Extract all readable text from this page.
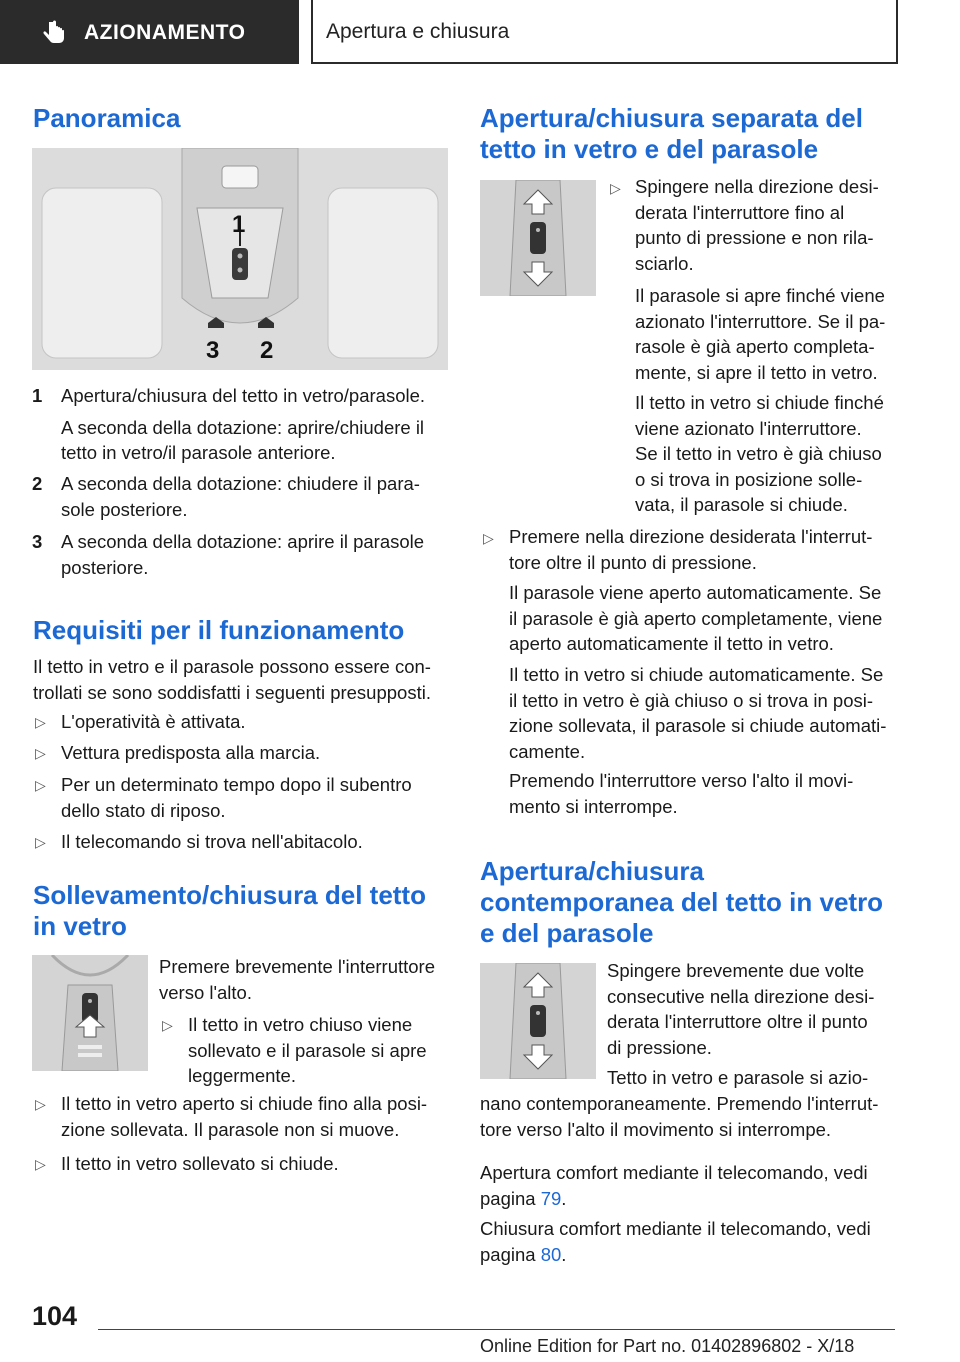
AZIONAMENTO	Apertura e chiusura
Panoramica
1
2
3
1 Apertura/chiusura del tetto in vetro/parasole.
A seconda della dotazione: aprire/chiudere il
tetto in vetro/il parasole anteriore.
2 A seconda della dotazione: chiudere il para-
sole posteriore.
3 A seconda della dotazione: aprire il parasole
posteriore.
Requisiti per il funzionamento
Il tetto in vetro e il parasole possono essere con-
trollati se sono soddisfatti i seguenti presupposti.
▷ L'operatività è attivata.
▷ Vettura predisposta alla marcia.
▷ Per un determinato tempo dopo il subentro
dello stato di riposo.
▷ Il telecomando si trova nell'abitacolo.
Sollevamento/chiusura del tetto
in vetro
Premere brevemente l'interruttore
verso l'alto.
▷ Il tetto in vetro chiuso viene
sollevato e il parasole si apre
leggermente.
▷ Il tetto in vetro aperto si chiude fino alla posi-
zione sollevata. Il parasole non si muove.
▷ Il tetto in vetro sollevato si chiude.
Apertura/chiusura separata del
tetto in vetro e del parasole
▷ Spingere nella direzione desi-
derata l'interruttore fino al
punto di pressione e non rila-
sciarlo.
Il parasole si apre finché viene
azionato l'interruttore. Se il pa-
rasole è già aperto completa-
mente, si apre il tetto in vetro.
Il tetto in vetro si chiude finché
viene azionato l'interruttore.
Se il tetto in vetro è già chiuso
o si trova in posizione solle-
vata, il parasole si chiude.
▷ Premere nella direzione desiderata l'interrut-
tore oltre il punto di pressione.
Il parasole viene aperto automaticamente. Se
il parasole è già aperto completamente, viene
aperto automaticamente il tetto in vetro.
Il tetto in vetro si chiude automaticamente. Se
il tetto in vetro è già chiuso o si trova in posi-
zione sollevata, il parasole si chiude automati-
camente.
Premendo l'interruttore verso l'alto il movi-
mento si interrompe.
Apertura/chiusura
contemporanea del tetto in vetro
e del parasole
Spingere brevemente due volte
consecutive nella direzione desi-
derata l'interruttore oltre il punto
di pressione.
Tetto in vetro e parasole si azio-
nano contemporaneamente. Premendo l'interrut-
tore verso l'alto il movimento si interrompe.
Apertura comfort mediante il telecomando, vedi
pagina 79.
Chiusura comfort mediante il telecomando, vedi
pagina 80.
104
Online Edition for Part no. 01402896802 - X/18
